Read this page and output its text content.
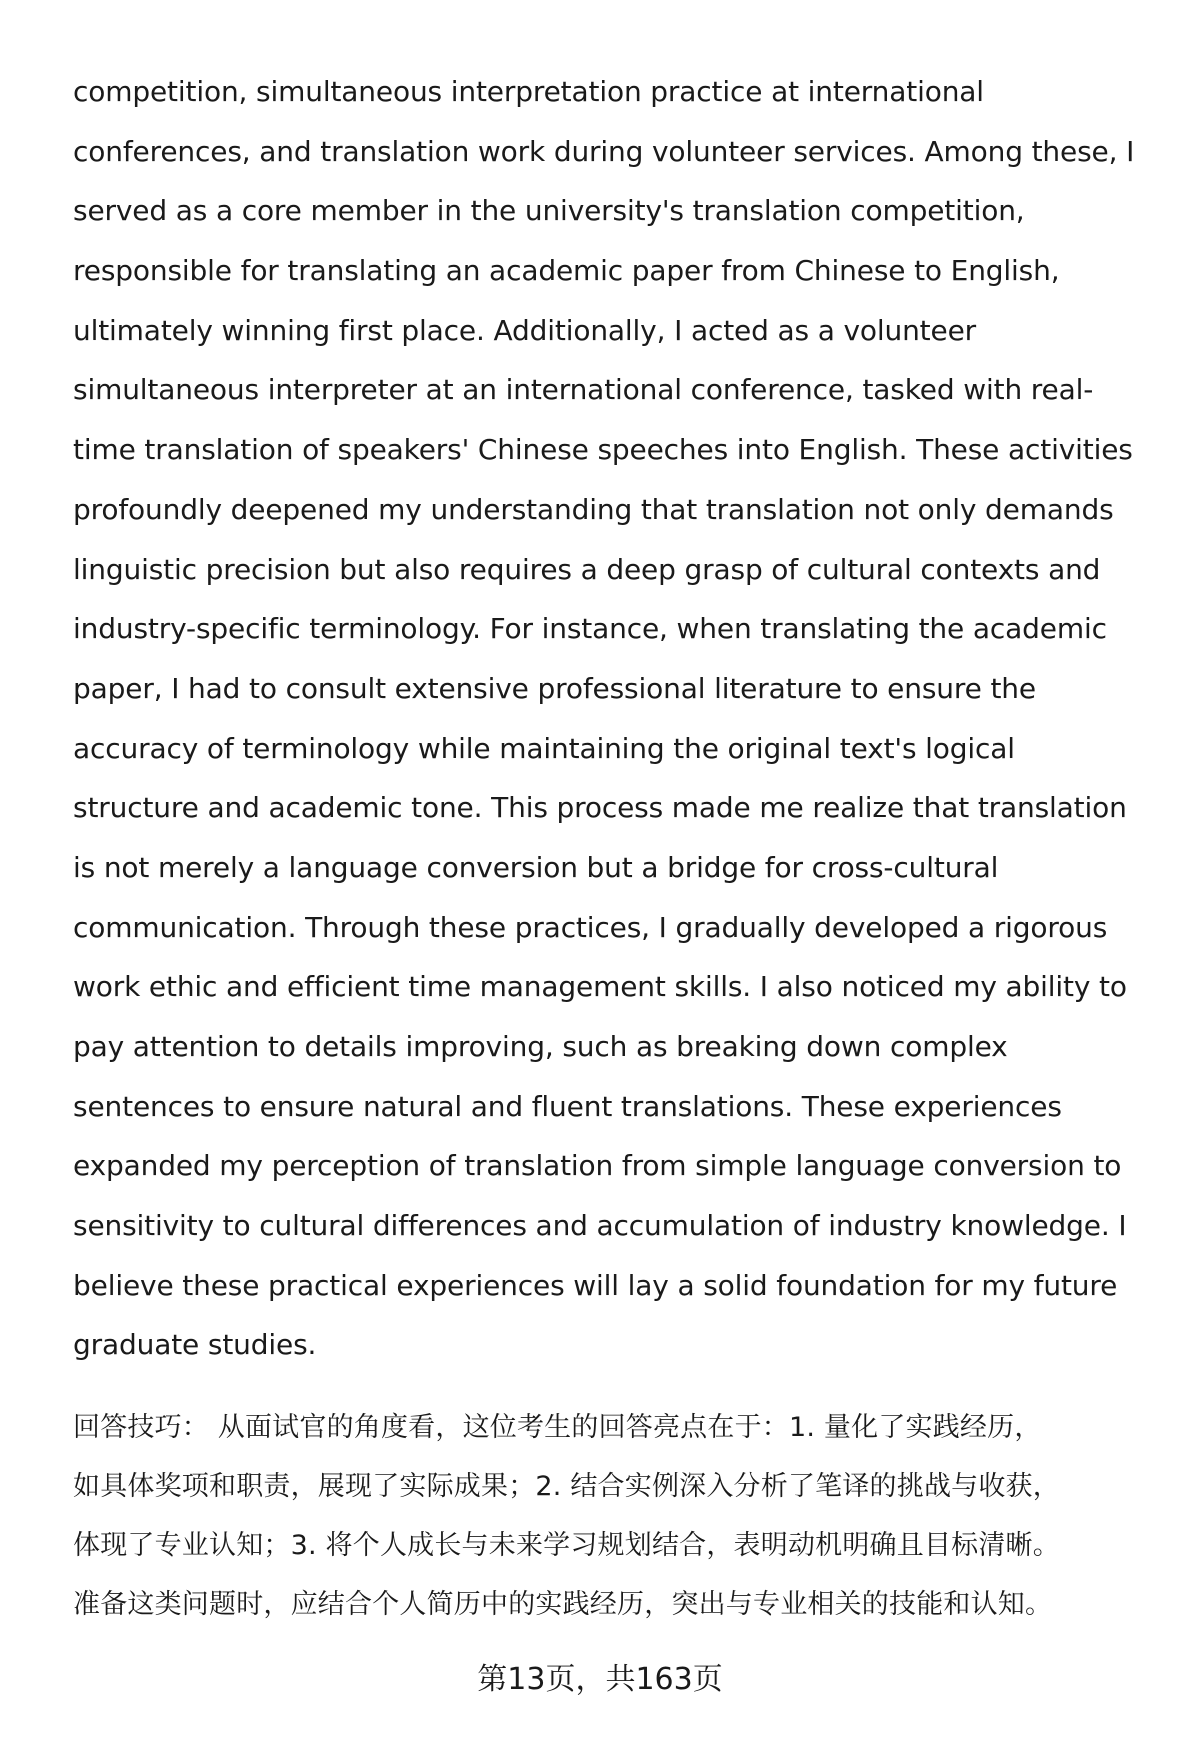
competition, simultaneous interpretation practice at international
conferences, and translation work during volunteer services. Among these, I
served as a core member in the university's translation competition,
responsible for translating an academic paper from Chinese to English,
ultimately winning first place. Additionally, I acted as a volunteer
simultaneous interpreter at an international conference, tasked with real-
time translation of speakers' Chinese speeches into English. These activities
profoundly deepened my understanding that translation not only demands
linguistic precision but also requires a deep grasp of cultural contexts and
industry-specific terminology. For instance, when translating the academic
paper, I had to consult extensive professional literature to ensure the
accuracy of terminology while maintaining the original text's logical
structure and academic tone. This process made me realize that translation
is not merely a language conversion but a bridge for cross-cultural
communication. Through these practices, I gradually developed a rigorous
work ethic and efficient time management skills. I also noticed my ability to
pay attention to details improving, such as breaking down complex
sentences to ensure natural and fluent translations. These experiences
expanded my perception of translation from simple language conversion to
sensitivity to cultural differences and accumulation of industry knowledge. I
believe these practical experiences will lay a solid foundation for my future
graduate studies.
回答技巧： 从面试官的角度看，这位考生的回答亮点在于：1. 量化了实践经历，
如具体奖项和职责，展现了实际成果；2. 结合实例深入分析了笔译的挑战与收获，
体现了专业认知；3. 将个人成长与未来学习规划结合，表明动机明确且目标清晰。
准备这类问题时，应结合个人简历中的实践经历，突出与专业相关的技能和认知。
第13页，共163页
